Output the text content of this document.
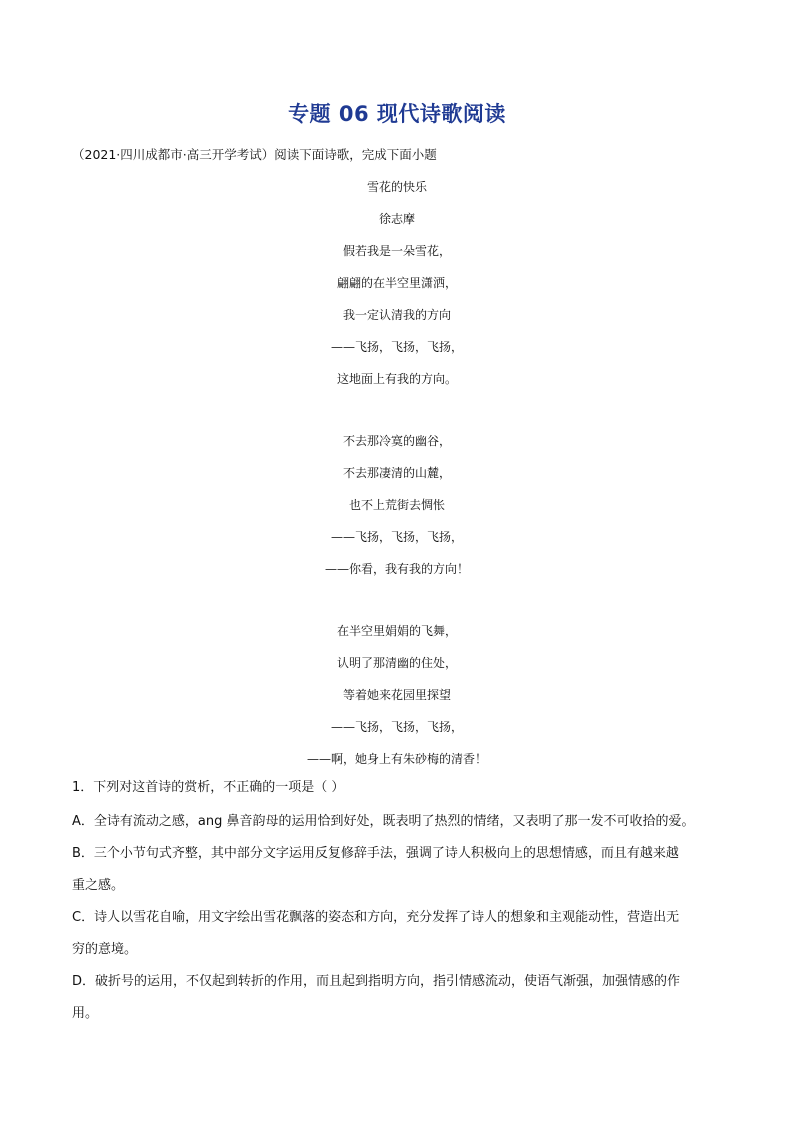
专题 06 现代诗歌阅读
（2021·四川成都市·高三开学考试）阅读下面诗歌，完成下面小题
雪花的快乐
徐志摩
假若我是一朵雪花，
翩翩的在半空里潇洒，
我一定认清我的方向
——飞扬，飞扬，飞扬，
这地面上有我的方向。
不去那冷寞的幽谷，
不去那凄清的山麓，
也不上荒街去惆怅
——飞扬，飞扬，飞扬，
——你看，我有我的方向！
在半空里娟娟的飞舞，
认明了那清幽的住处，
等着她来花园里探望
——飞扬，飞扬，飞扬，
——啊，她身上有朱砂梅的清香！
1．下列对这首诗的赏析，不正确的一项是（ ）
A．全诗有流动之感，ang 鼻音韵母的运用恰到好处，既表明了热烈的情绪，又表明了那一发不可收拾的爱。
B．三个小节句式齐整，其中部分文字运用反复修辞手法，强调了诗人积极向上的思想情感，而且有越来越
重之感。
C．诗人以雪花自喻，用文字绘出雪花飘落的姿态和方向，充分发挥了诗人的想象和主观能动性，营造出无
穷的意境。
D．破折号的运用，不仅起到转折的作用，而且起到指明方向，指引情感流动，使语气渐强，加强情感的作
用。
